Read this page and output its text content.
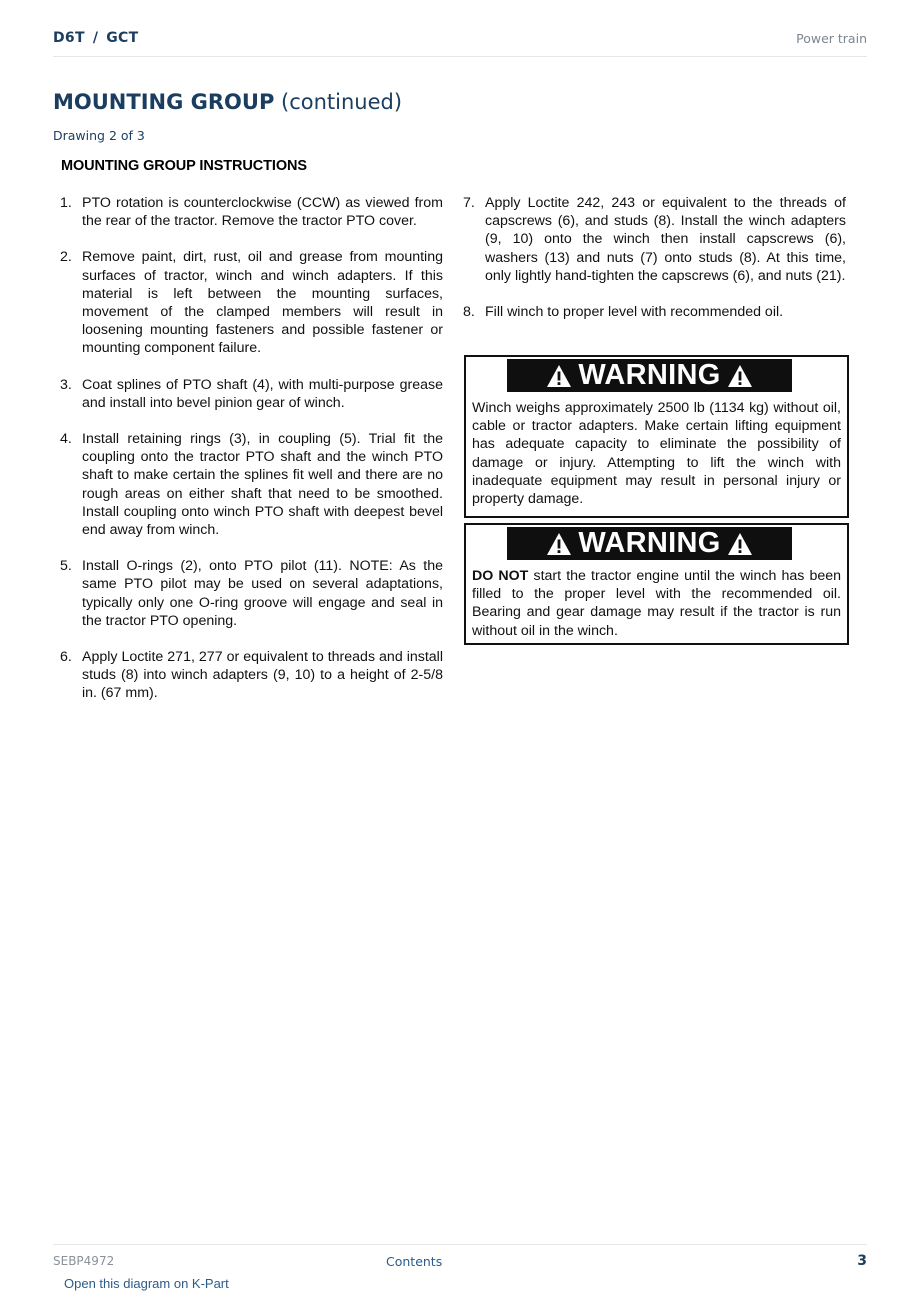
D6T / GCT	Power train
MOUNTING GROUP (continued)
Drawing 2 of 3
MOUNTING GROUP INSTRUCTIONS
1. PTO rotation is counterclockwise (CCW) as viewed from the rear of the tractor. Remove the tractor PTO cover.
2. Remove paint, dirt, rust, oil and grease from mounting surfaces of tractor, winch and winch adapters. If this material is left between the mounting surfaces, movement of the clamped members will result in loosening mounting fasteners and possible fastener or mounting component failure.
3. Coat splines of PTO shaft (4), with multi-purpose grease and install into bevel pinion gear of winch.
4. Install retaining rings (3), in coupling (5). Trial fit the coupling onto the tractor PTO shaft and the winch PTO shaft to make certain the splines fit well and there are no rough areas on either shaft that need to be smoothed. Install coupling onto winch PTO shaft with deepest bevel end away from winch.
5. Install O-rings (2), onto PTO pilot (11). NOTE: As the same PTO pilot may be used on several adaptations, typically only one O-ring groove will engage and seal in the tractor PTO opening.
6. Apply Loctite 271, 277 or equivalent to threads and install studs (8) into winch adapters (9, 10) to a height of 2-5/8 in. (67 mm).
7. Apply Loctite 242, 243 or equivalent to the threads of capscrews (6), and studs (8). Install the winch adapters (9, 10) onto the winch then install capscrews (6), washers (13) and nuts (7) onto studs (8). At this time, only lightly hand-tighten the capscrews (6), and nuts (21).
8. Fill winch to proper level with recommended oil.
WARNING
Winch weighs approximately 2500 lb (1134 kg) without oil, cable or tractor adapters. Make certain lifting equipment has adequate capacity to eliminate the possibility of damage or injury. Attempting to lift the winch with inadequate equipment may result in personal injury or property damage.
WARNING
DO NOT start the tractor engine until the winch has been filled to the proper level with the recommended oil. Bearing and gear damage may result if the tractor is run without oil in the winch.
SEBP4972	Contents	3
Open this diagram on K-Part
